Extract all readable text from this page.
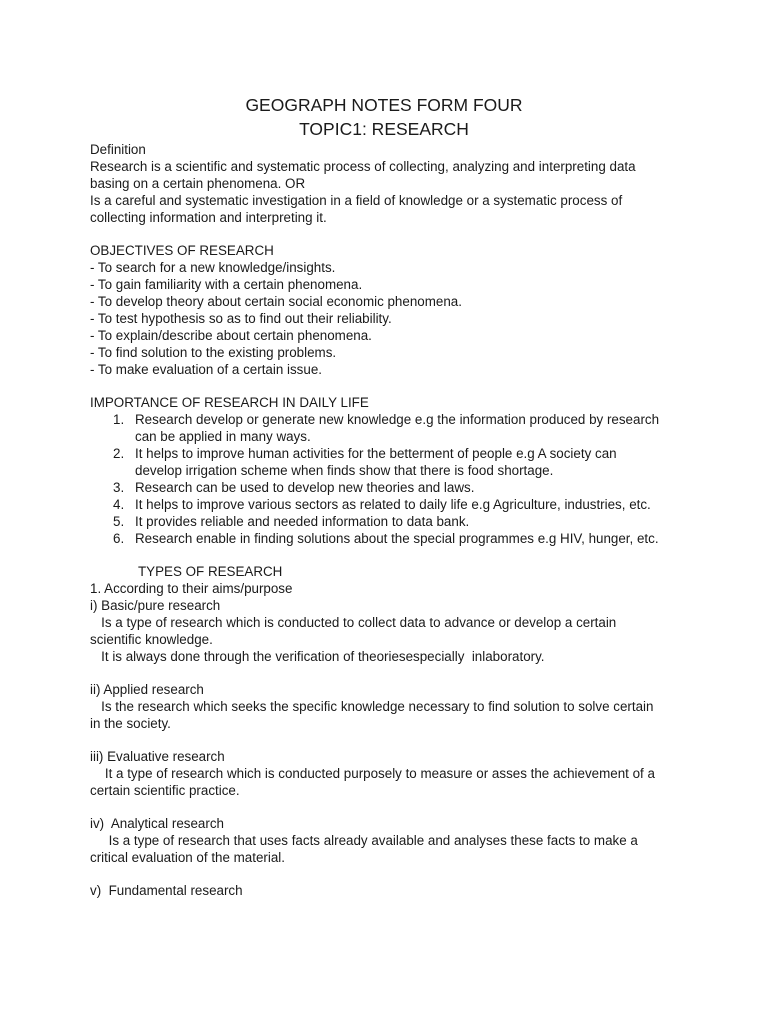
GEOGRAPH NOTES FORM FOUR
TOPIC1: RESEARCH
Definition
Research is a scientific and systematic process of collecting, analyzing and interpreting data
basing on a certain phenomena. OR
Is a careful and systematic investigation in a field of knowledge or a systematic process of
collecting information and interpreting it.
OBJECTIVES OF RESEARCH
- To search for a new knowledge/insights.
- To gain familiarity with a certain phenomena.
- To develop theory about certain social economic phenomena.
- To test hypothesis so as to find out their reliability.
- To explain/describe about certain phenomena.
- To find solution to the existing problems.
- To make evaluation of a certain issue.
IMPORTANCE OF RESEARCH IN DAILY LIFE
1. Research develop or generate new knowledge e.g the information produced by research
can be applied in many ways.
2. It helps to improve human activities for the betterment of people e.g A society can
develop irrigation scheme when finds show that there is food shortage.
3. Research can be used to develop new theories and laws.
4. It helps to improve various sectors as related to daily life e.g Agriculture, industries, etc.
5. It provides reliable and needed information to data bank.
6. Research enable in finding solutions about the special programmes e.g HIV, hunger, etc.
TYPES OF RESEARCH
1. According to their aims/purpose
i) Basic/pure research
Is a type of research which is conducted to collect data to advance or develop a certain
scientific knowledge.
It is always done through the verification of theoriesespecially  inlaboratory.
ii) Applied research
Is the research which seeks the specific knowledge necessary to find solution to solve certain
in the society.
iii) Evaluative research
It a type of research which is conducted purposely to measure or asses the achievement of a
certain scientific practice.
iv)  Analytical research
Is a type of research that uses facts already available and analyses these facts to make a
critical evaluation of the material.
v)  Fundamental research
